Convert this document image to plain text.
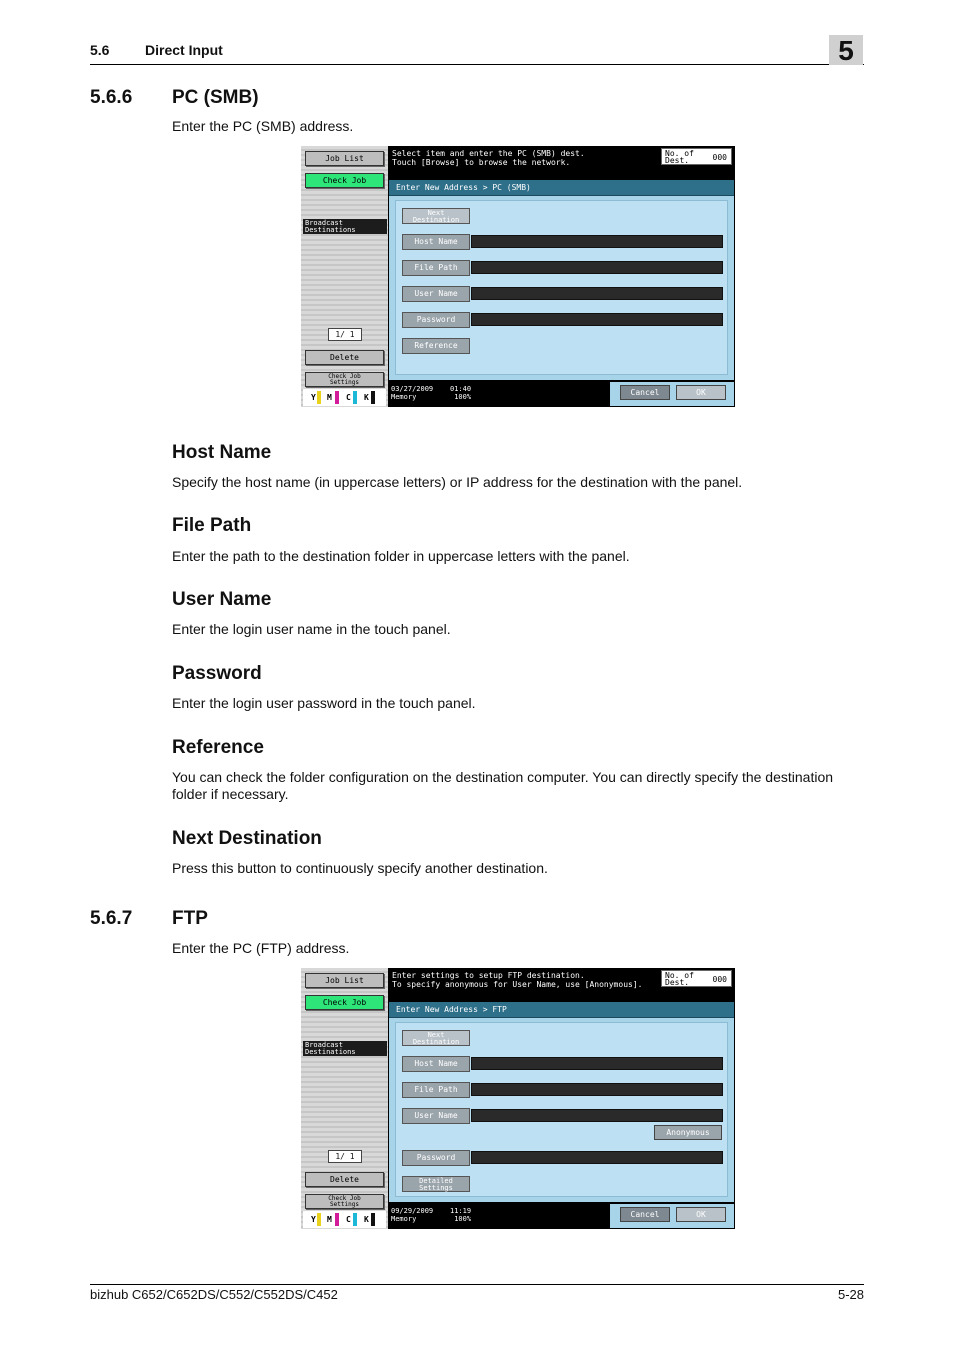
5.6	Direct Input	5
5.6.6 PC (SMB)
Enter the PC (SMB) address.
Job List
Check Job
Broadcast
Destinations
1/ 1
Delete
Check Job
Settings
Y M C K
Select item and enter the PC (SMB) dest.
Touch [Browse] to browse the network.
No. of
Dest.	000
Enter New Address > PC (SMB)
Next
Destination
Host Name
File Path
User Name
Password
Reference
03/27/2009    01:40
Memory         100%	Cancel	OK
Host Name
Specify the host name (in uppercase letters) or IP address for the destination with the panel.
File Path
Enter the path to the destination folder in uppercase letters with the panel.
User Name
Enter the login user name in the touch panel.
Password
Enter the login user password in the touch panel.
Reference
You can check the folder configuration on the destination computer. You can directly specify the destination folder if necessary.
Next Destination
Press this button to continuously specify another destination.
5.6.7 FTP
Enter the PC (FTP) address.
Job List
Check Job
Broadcast
Destinations
1/ 1
Delete
Check Job
Settings
Y M C K
Enter settings to setup FTP destination.
To specify anonymous for User Name, use [Anonymous].
No. of
Dest.	000
Enter New Address > FTP
Next
Destination
Host Name
File Path
User Name
Anonymous
Password
Detailed
Settings
09/29/2009    11:19
Memory         100%	Cancel	OK
bizhub C652/C652DS/C552/C552DS/C452	5-28
